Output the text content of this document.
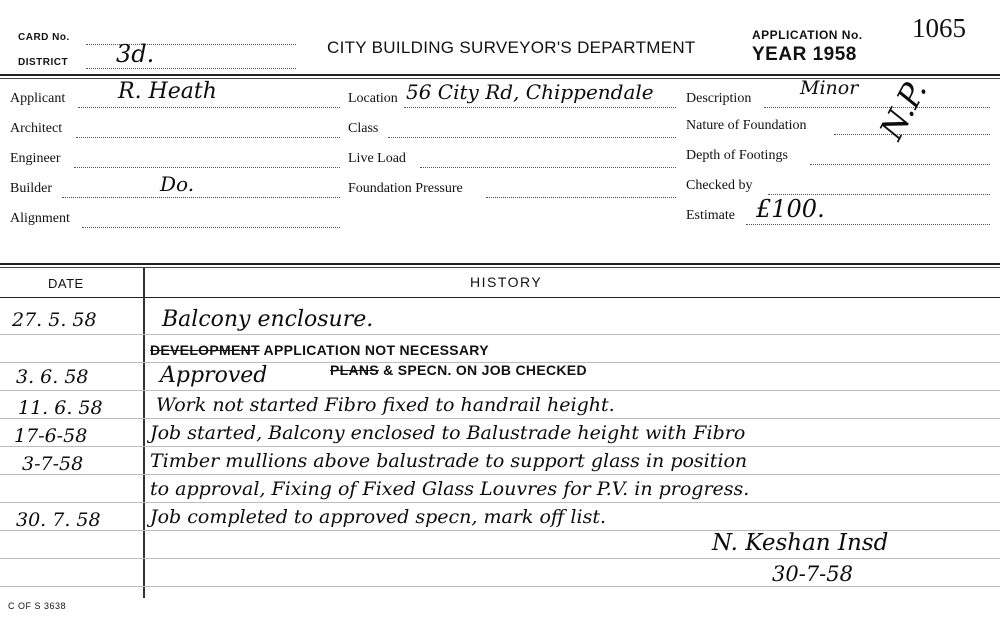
CARD No.
DISTRICT 3d.	CITY BUILDING SURVEYOR'S DEPARTMENT
APPLICATION No. 1065
YEAR 1958
Applicant R. Heath
Architect
Engineer
Builder	Do.
Alignment
Location 56 City Rd, Chippendale
Class
Live Load
Foundation Pressure
Description	Minor
Nature of Foundation
Depth of Footings
Checked by
Estimate £100.
N.P.
DATE	HISTORY
27. 5. 58	Balcony enclosure.
DEVELOPMENT APPLICATION NOT NECESSARY
3. 6. 58	Approved	PLANS & SPECN. ON JOB CHECKED
11. 6. 58	Work not started Fibro fixed to handrail height.
17-6-58	Job started, Balcony enclosed to Balustrade height with Fibro
3-7-58	Timber mullions above balustrade to support glass in position
to approval, Fixing of Fixed Glass Louvres for P.V. in progress.
30. 7. 58	Job completed to approved specn, mark off list.
N. Keshan Insd
30-7-58
C OF S 3638
